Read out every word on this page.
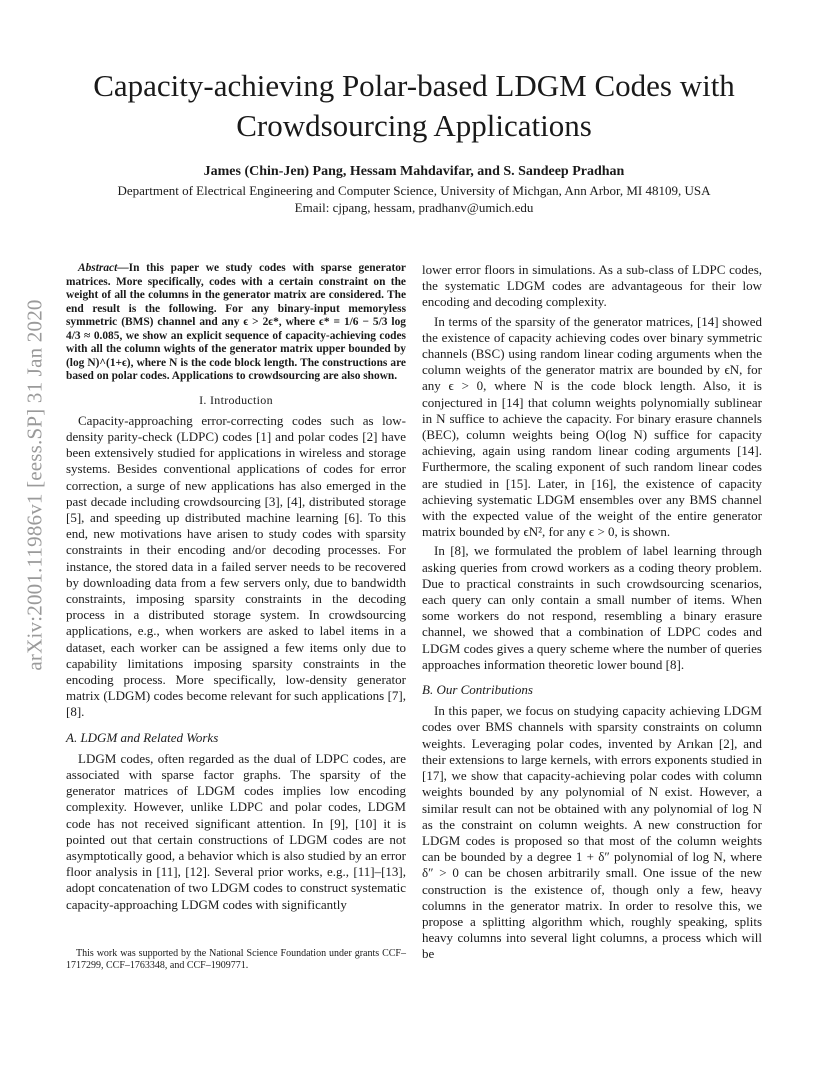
Capacity-achieving Polar-based LDGM Codes with Crowdsourcing Applications
James (Chin-Jen) Pang, Hessam Mahdavifar, and S. Sandeep Pradhan
Department of Electrical Engineering and Computer Science, University of Michgan, Ann Arbor, MI 48109, USA
Email: cjpang, hessam, pradhanv@umich.edu
arXiv:2001.11986v1 [eess.SP] 31 Jan 2020

Abstract—In this paper we study codes with sparse generator matrices. More specifically, codes with a certain constraint on the weight of all the columns in the generator matrix are considered. The end result is the following. For any binary-input memoryless symmetric (BMS) channel and any ϵ > 2ϵ*, where ϵ* = 1/6 − 5/3 log 4/3 ≈ 0.085, we show an explicit sequence of capacity-achieving codes with all the column wights of the generator matrix upper bounded by (log N)^(1+ϵ), where N is the code block length. The constructions are based on polar codes. Applications to crowdsourcing are also shown.

I. Introduction

Capacity-approaching error-correcting codes such as low-density parity-check (LDPC) codes [1] and polar codes [2] have been extensively studied for applications in wireless and storage systems. Besides conventional applications of codes for error correction, a surge of new applications has also emerged in the past decade including crowdsourcing [3], [4], distributed storage [5], and speeding up distributed machine learning [6]. To this end, new motivations have arisen to study codes with sparsity constraints in their encoding and/or decoding processes. For instance, the stored data in a failed server needs to be recovered by downloading data from a few servers only, due to bandwidth constraints, imposing sparsity constraints in the decoding process in a distributed storage system. In crowdsourcing applications, e.g., when workers are asked to label items in a dataset, each worker can be assigned a few items only due to capability limitations imposing sparsity constraints in the encoding process. More specifically, low-density generator matrix (LDGM) codes become relevant for such applications [7], [8].

A. LDGM and Related Works

LDGM codes, often regarded as the dual of LDPC codes, are associated with sparse factor graphs. The sparsity of the generator matrices of LDGM codes implies low encoding complexity. However, unlike LDPC and polar codes, LDGM code has not received significant attention. In [9], [10] it is pointed out that certain constructions of LDGM codes are not asymptotically good, a behavior which is also studied by an error floor analysis in [11], [12]. Several prior works, e.g., [11]–[13], adopt concatenation of two LDGM codes to construct systematic capacity-approaching LDGM codes with significantly

This work was supported by the National Science Foundation under grants CCF–1717299, CCF–1763348, and CCF–1909771.

lower error floors in simulations. As a sub-class of LDPC codes, the systematic LDGM codes are advantageous for their low encoding and decoding complexity.

In terms of the sparsity of the generator matrices, [14] showed the existence of capacity achieving codes over binary symmetric channels (BSC) using random linear coding arguments when the column weights of the generator matrix are bounded by ϵN, for any ϵ > 0, where N is the code block length. Also, it is conjectured in [14] that column weights polynomially sublinear in N suffice to achieve the capacity. For binary erasure channels (BEC), column weights being O(log N) suffice for capacity achieving, again using random linear coding arguments [14]. Furthermore, the scaling exponent of such random linear codes are studied in [15]. Later, in [16], the existence of capacity achieving systematic LDGM ensembles over any BMS channel with the expected value of the weight of the entire generator matrix bounded by ϵN², for any ϵ > 0, is shown.

In [8], we formulated the problem of label learning through asking queries from crowd workers as a coding theory problem. Due to practical constraints in such crowdsourcing scenarios, each query can only contain a small number of items. When some workers do not respond, resembling a binary erasure channel, we showed that a combination of LDPC codes and LDGM codes gives a query scheme where the number of queries approaches information theoretic lower bound [8].

B. Our Contributions

In this paper, we focus on studying capacity achieving LDGM codes over BMS channels with sparsity constraints on column weights. Leveraging polar codes, invented by Arıkan [2], and their extensions to large kernels, with errors exponents studied in [17], we show that capacity-achieving polar codes with column weights bounded by any polynomial of N exist. However, a similar result can not be obtained with any polynomial of log N as the constraint on column weights. A new construction for LDGM codes is proposed so that most of the column weights can be bounded by a degree 1 + δ″ polynomial of log N, where δ″ > 0 can be chosen arbitrarily small. One issue of the new construction is the existence of, though only a few, heavy columns in the generator matrix. In order to resolve this, we propose a splitting algorithm which, roughly speaking, splits heavy columns into several light columns, a process which will be
